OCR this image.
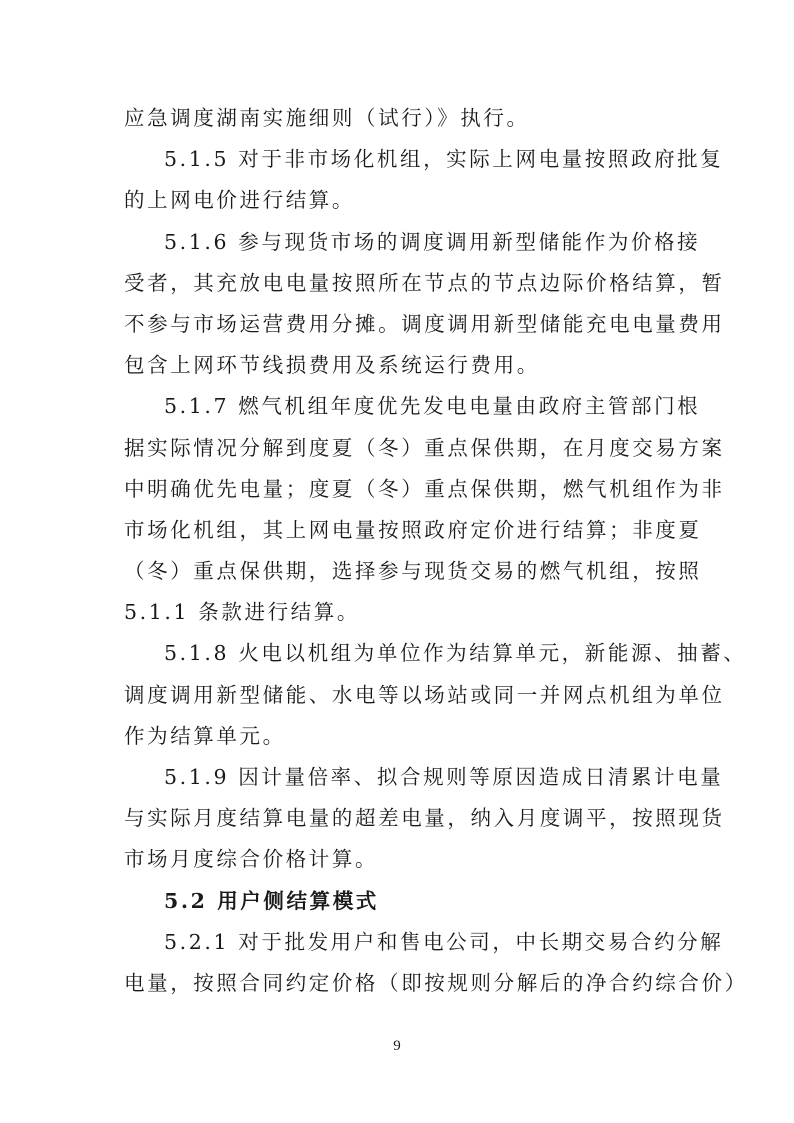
应急调度湖南实施细则（试行）》执行。
5.1.5 对于非市场化机组，实际上网电量按照政府批复
的上网电价进行结算。
5.1.6 参与现货市场的调度调用新型储能作为价格接
受者，其充放电电量按照所在节点的节点边际价格结算，暂
不参与市场运营费用分摊。调度调用新型储能充电电量费用
包含上网环节线损费用及系统运行费用。
5.1.7 燃气机组年度优先发电电量由政府主管部门根
据实际情况分解到度夏（冬）重点保供期，在月度交易方案
中明确优先电量；度夏（冬）重点保供期，燃气机组作为非
市场化机组，其上网电量按照政府定价进行结算；非度夏
（冬）重点保供期，选择参与现货交易的燃气机组，按照
5.1.1 条款进行结算。
5.1.8 火电以机组为单位作为结算单元，新能源、抽蓄、
调度调用新型储能、水电等以场站或同一并网点机组为单位
作为结算单元。
5.1.9 因计量倍率、拟合规则等原因造成日清累计电量
与实际月度结算电量的超差电量，纳入月度调平，按照现货
市场月度综合价格计算。
5.2 用户侧结算模式
5.2.1 对于批发用户和售电公司，中长期交易合约分解
电量，按照合同约定价格（即按规则分解后的净合约综合价）
9
